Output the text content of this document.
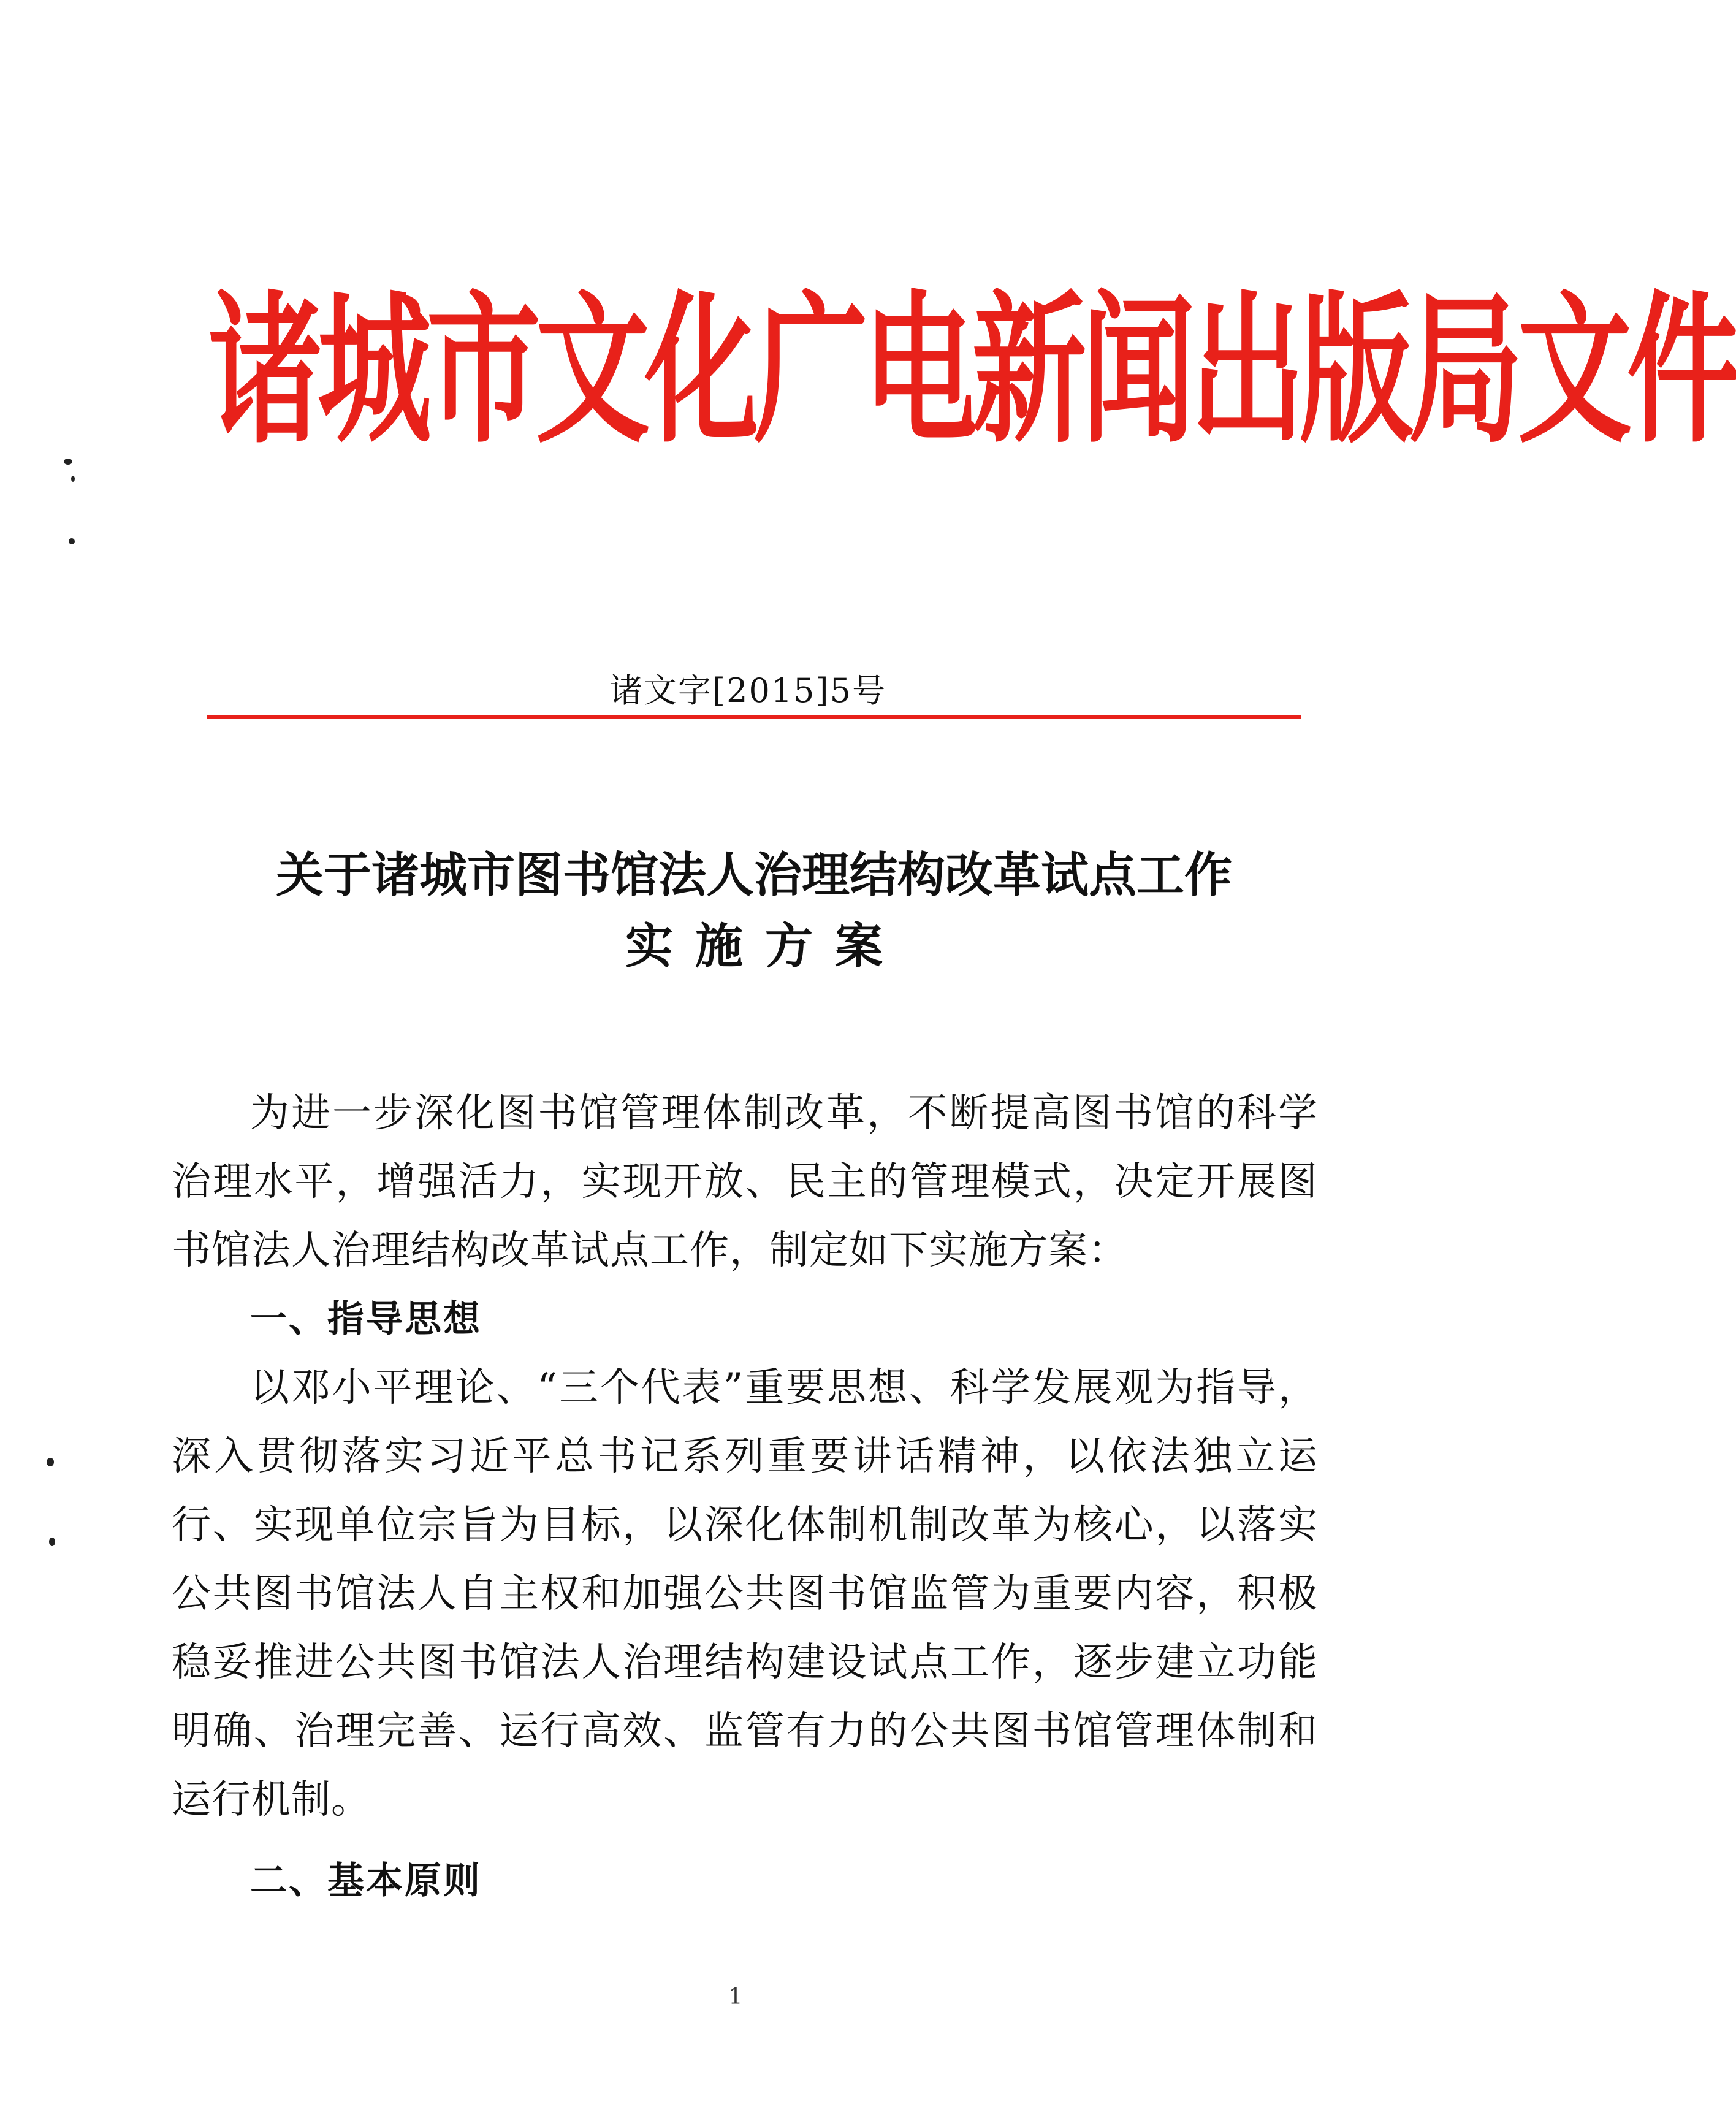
诸城市文化广电新闻出版局文件
诸文字[2015]5号
关于诸城市图书馆法人治理结构改革试点工作
实施方案

为进一步深化图书馆管理体制改革，不断提高图书馆的科学治理水平，增强活力，实现开放、民主的管理模式，决定开展图书馆法人治理结构改革试点工作，制定如下实施方案：

一、指导思想

以邓小平理论、“三个代表”重要思想、科学发展观为指导，深入贯彻落实习近平总书记系列重要讲话精神，以依法独立运行、实现单位宗旨为目标，以深化体制机制改革为核心，以落实公共图书馆法人自主权和加强公共图书馆监管为重要内容，积极稳妥推进公共图书馆法人治理结构建设试点工作，逐步建立功能明确、治理完善、运行高效、监管有力的公共图书馆管理体制和运行机制。

二、基本原则

1
